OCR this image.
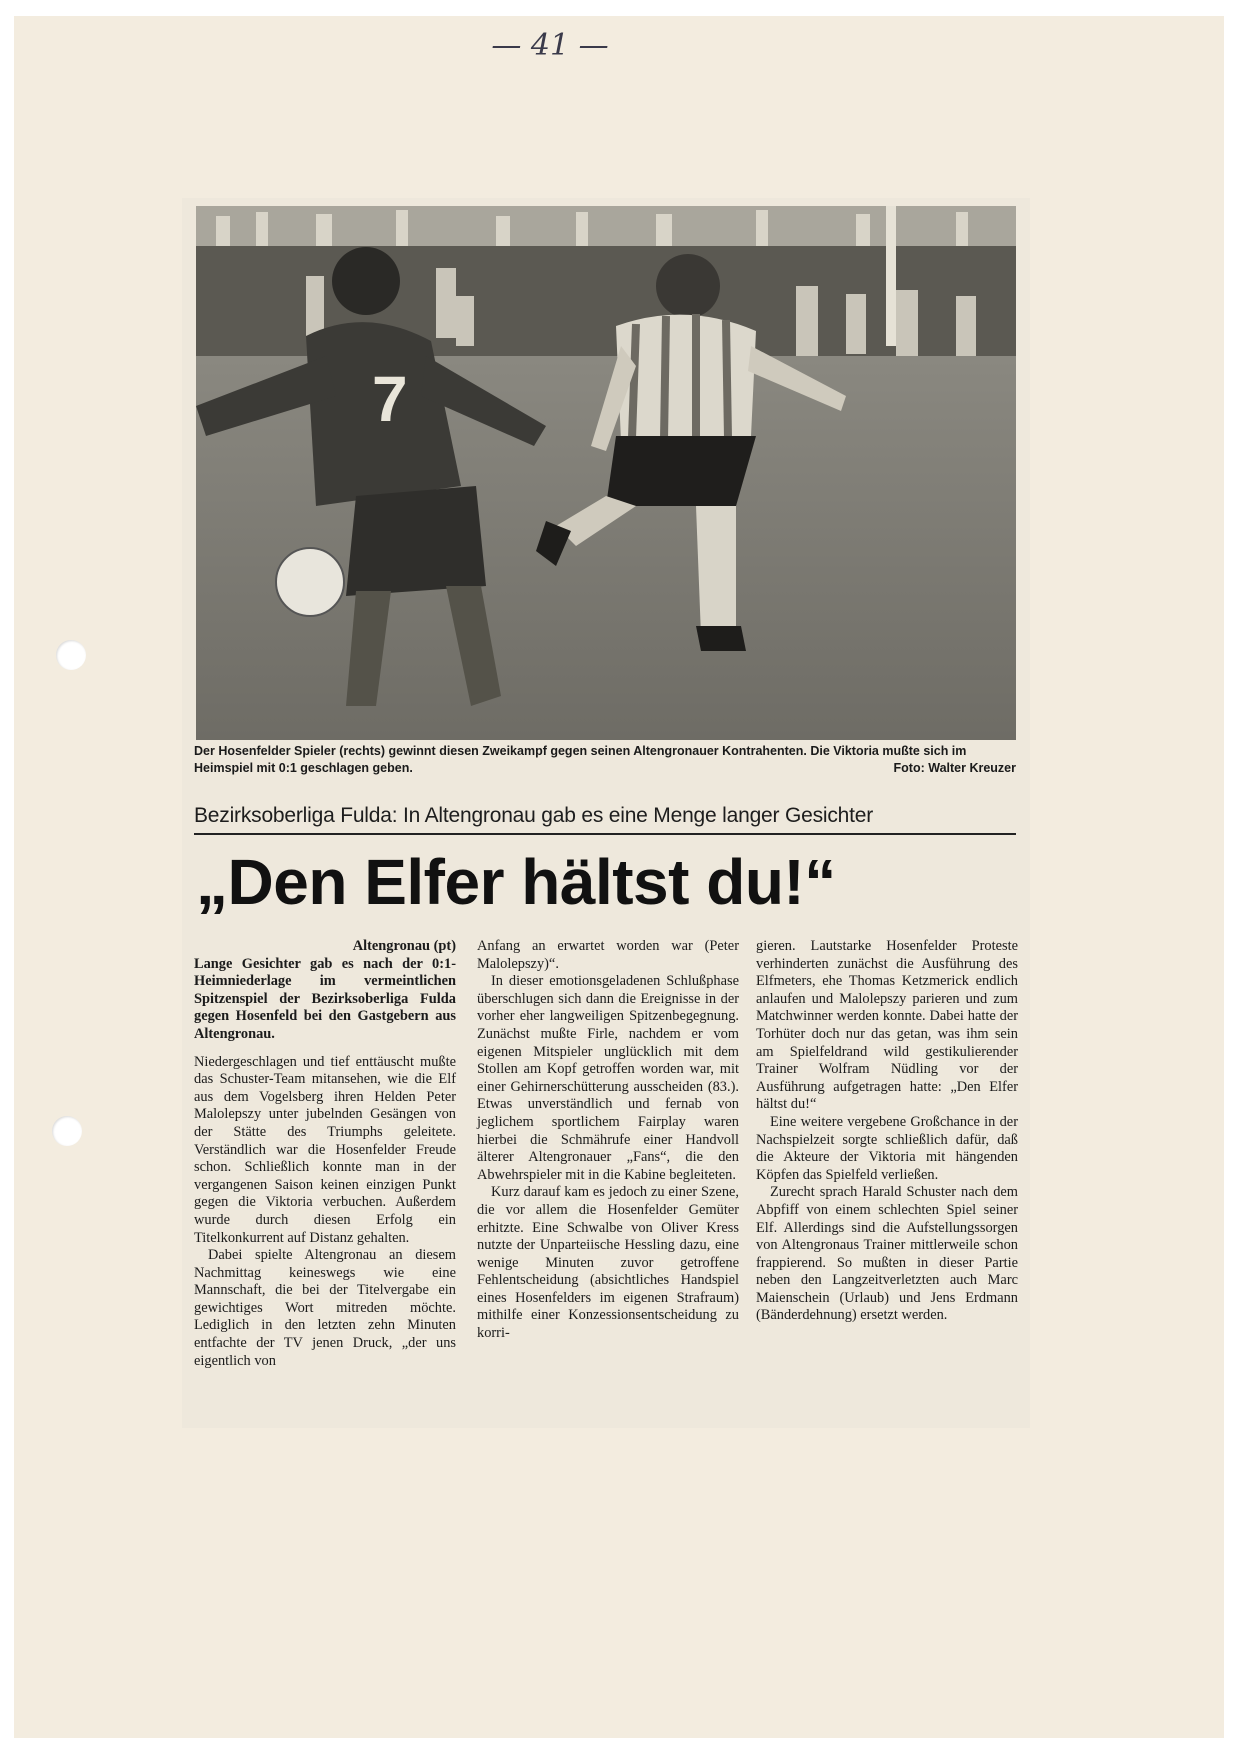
— 41 —
7
Der Hosenfelder Spieler (rechts) gewinnt diesen Zweikampf gegen seinen Altengronauer Kontrahenten. Die Viktoria mußte sich im Heimspiel mit 0:1 geschlagen geben.	Foto: Walter Kreuzer
Bezirksoberliga Fulda: In Altengronau gab es eine Menge langer Gesichter
„Den Elfer hältst du!“
Altengronau (pt)
Lange Gesichter gab es nach der 0:1-Heimniederlage im vermeintlichen Spitzenspiel der Bezirksoberliga Fulda gegen Hosenfeld bei den Gastgebern aus Altengronau.

Niedergeschlagen und tief enttäuscht mußte das Schuster-Team mitansehen, wie die Elf aus dem Vogelsberg ihren Helden Peter Malolepszy unter jubelnden Gesängen von der Stätte des Triumphs geleitete. Verständlich war die Hosenfelder Freude schon. Schließlich konnte man in der vergangenen Saison keinen einzigen Punkt gegen die Viktoria verbuchen. Außerdem wurde durch diesen Erfolg ein Titelkonkurrent auf Distanz gehalten.

Dabei spielte Altengronau an diesem Nachmittag keineswegs wie eine Mannschaft, die bei der Titelvergabe ein gewichtiges Wort mitreden möchte. Lediglich in den letzten zehn Minuten entfachte der TV jenen Druck, „der uns eigentlich von

Anfang an erwartet worden war (Peter Malolepszy)“.

In dieser emotionsgeladenen Schlußphase überschlugen sich dann die Ereignisse in der vorher eher langweiligen Spitzenbegegnung. Zunächst mußte Firle, nachdem er vom eigenen Mitspieler unglücklich mit dem Stollen am Kopf getroffen worden war, mit einer Gehirnerschütterung ausscheiden (83.). Etwas unverständlich und fernab von jeglichem sportlichem Fairplay waren hierbei die Schmährufe einer Handvoll älterer Altengronauer „Fans“, die den Abwehrspieler mit in die Kabine begleiteten.

Kurz darauf kam es jedoch zu einer Szene, die vor allem die Hosenfelder Gemüter erhitzte. Eine Schwalbe von Oliver Kress nutzte der Unparteiische Hessling dazu, eine wenige Minuten zuvor getroffene Fehlentscheidung (absichtliches Handspiel eines Hosenfelders im eigenen Strafraum) mithilfe einer Konzessionsentscheidung zu korri-

gieren. Lautstarke Hosenfelder Proteste verhinderten zunächst die Ausführung des Elfmeters, ehe Thomas Ketzmerick endlich anlaufen und Malolepszy parieren und zum Matchwinner werden konnte. Dabei hatte der Torhüter doch nur das getan, was ihm sein am Spielfeldrand wild gestikulierender Trainer Wolfram Nüdling vor der Ausführung aufgetragen hatte: „Den Elfer hältst du!“

Eine weitere vergebene Großchance in der Nachspielzeit sorgte schließlich dafür, daß die Akteure der Viktoria mit hängenden Köpfen das Spielfeld verließen.

Zurecht sprach Harald Schuster nach dem Abpfiff von einem schlechten Spiel seiner Elf. Allerdings sind die Aufstellungssorgen von Altengronaus Trainer mittlerweile schon frappierend. So mußten in dieser Partie neben den Langzeitverletzten auch Marc Maienschein (Urlaub) und Jens Erdmann (Bänderdehnung) ersetzt werden.
